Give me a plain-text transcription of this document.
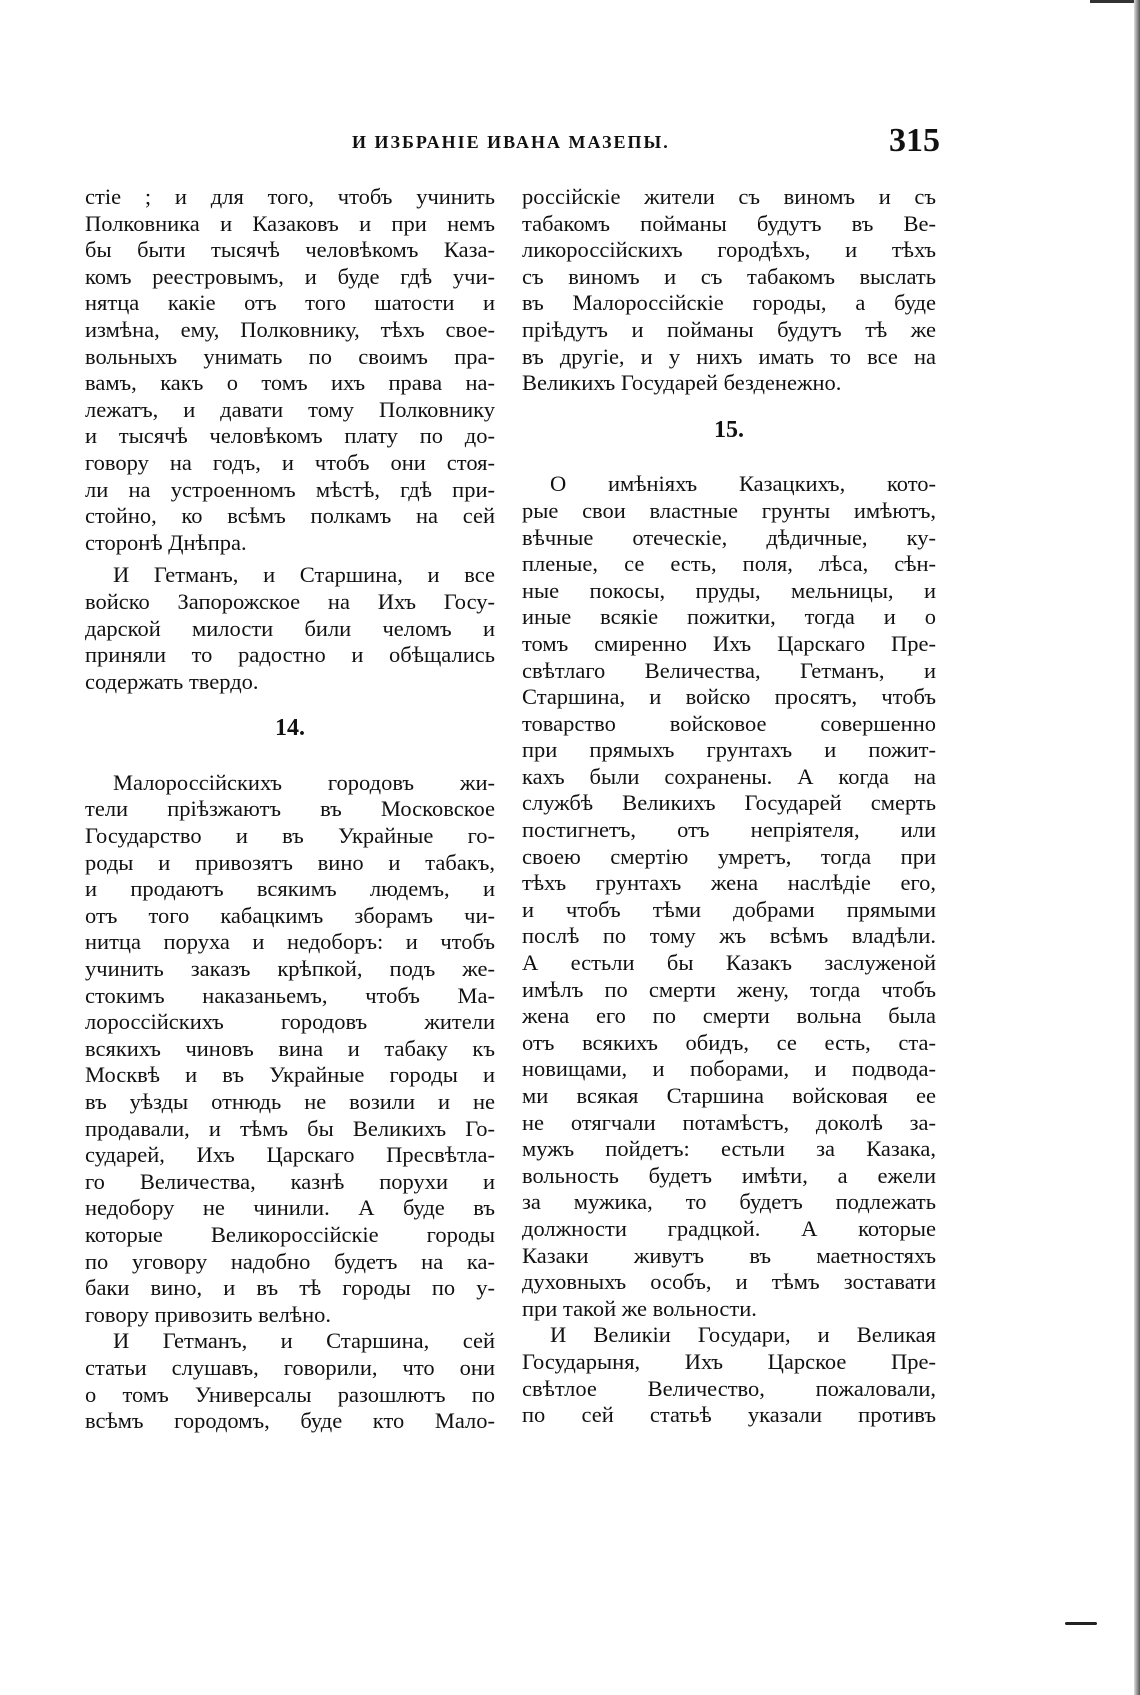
И ИЗБРАНІЕ ИВАНА МАЗЕПЫ.	315
стіе ; и для того, чтобъ учинить
Полковника и Казаковъ и при немъ
бы быти тысячѣ человѣкомъ Каза-
комъ реестровымъ, и буде гдѣ учи-
нятца какіе отъ того шатости и
измѣна, ему, Полковнику, тѣхъ свое-
вольныхъ унимать по своимъ пра-
вамъ, какъ о томъ ихъ права на-
лежатъ, и давати тому Полковнику
и тысячѣ человѣкомъ плату по до-
говору на годъ, и чтобъ они стоя-
ли на устроенномъ мѣстѣ, гдѣ при-
стойно, ко всѣмъ полкамъ на сей
сторонѣ Днѣпра.
И Гетманъ, и Старшина, и все
войско Запорожское на Ихъ Госу-
дарской милости били челомъ и
приняли то радостно и обѣщались
содержать твердо.
14.
Малороссійскихъ городовъ жи-
тели пріѣзжаютъ въ Московское
Государство и въ Украйные го-
роды и привозятъ вино и табакъ,
и продаютъ всякимъ людемъ, и
отъ того кабацкимъ зборамъ чи-
нитца поруха и недоборъ: и чтобъ
учинить заказъ крѣпкой, подъ же-
стокимъ наказаньемъ, чтобъ Ма-
лороссійскихъ городовъ жители
всякихъ чиновъ вина и табаку къ
Москвѣ и въ Украйные городы и
въ уѣзды отнюдь не возили и не
продавали, и тѣмъ бы Великихъ Го-
сударей, Ихъ Царскаго Пресвѣтла-
го Величества, казнѣ порухи и
недобору не чинили. А буде въ
которые Великороссійскіе городы
по уговору надобно будетъ на ка-
баки вино, и въ тѣ городы по у-
говору привозить велѣно.
И Гетманъ, и Старшина, сей
статьи слушавъ, говорили, что они
о томъ Универсалы разошлютъ по
всѣмъ городомъ, буде кто Мало-
россійскіе жители съ виномъ и съ
табакомъ пойманы будутъ въ Ве-
ликороссійскихъ городѣхъ, и тѣхъ
съ виномъ и съ табакомъ выслать
въ Малороссійскіе городы, а буде
пріѣдутъ и пойманы будутъ тѣ же
въ другіе, и у нихъ имать то все на
Великихъ Государей безденежно.
15.
О имѣніяхъ Казацкихъ, кото-
рые свои властные грунты имѣютъ,
вѣчные отеческіе, дѣдичные, ку-
пленые, се есть, поля, лѣса, сѣн-
ные покосы, пруды, мельницы, и
иные всякіе пожитки, тогда и о
томъ смиренно Ихъ Царскаго Пре-
свѣтлаго Величества, Гетманъ, и
Старшина, и войско просятъ, чтобъ
товарство войсковое совершенно
при прямыхъ грунтахъ и пожит-
кахъ были сохранены. А когда на
службѣ Великихъ Государей смерть
постигнетъ, отъ непріятеля, или
своею смертію умретъ, тогда при
тѣхъ грунтахъ жена наслѣдіе его,
и чтобъ тѣми добрами прямыми
послѣ по тому жъ всѣмъ владѣли.
А естьли бы Казакъ заслуженой
имѣлъ по смерти жену, тогда чтобъ
жена его по смерти вольна была
отъ всякихъ обидъ, се есть, ста-
новищами, и поборами, и подвода-
ми всякая Старшина войсковая ее
не отягчали потамѣстъ, доколѣ за-
мужъ пойдетъ: естьли за Казака,
вольность будетъ имѣти, а ежели
за мужика, то будетъ подлежать
должности градцкой. А которые
Казаки живутъ въ маетностяхъ
духовныхъ особъ, и тѣмъ зоставати
при такой же вольности.
И Великіи Государи, и Великая
Государыня, Ихъ Царское Пре-
свѣтлое Величество, пожаловали,
по сей статьѣ указали противъ
